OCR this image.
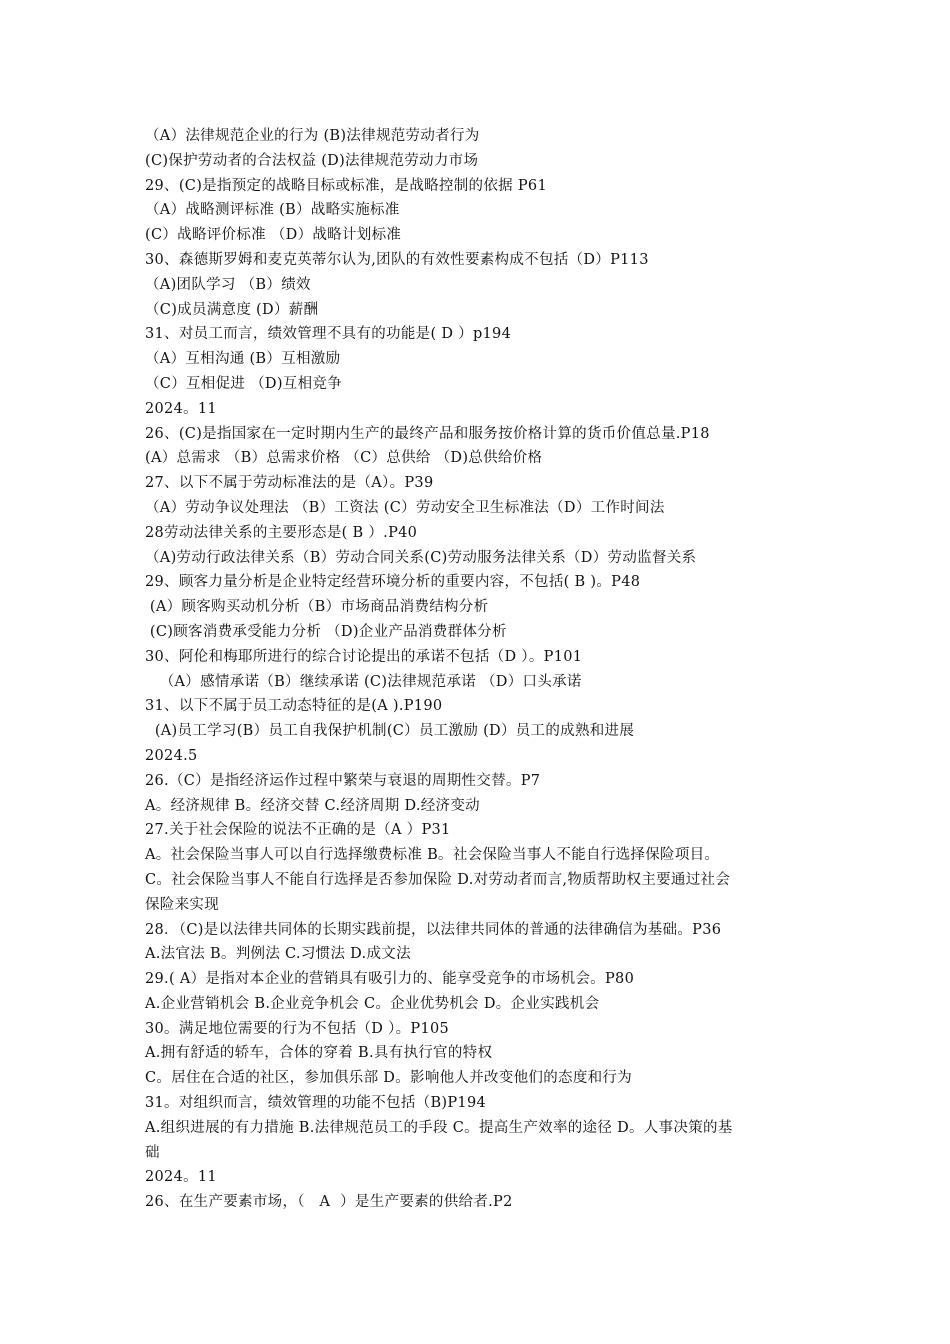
（A）法律规范企业的行为 (B)法律规范劳动者行为
(C)保护劳动者的合法权益 (D)法律规范劳动力市场
29、(C)是指预定的战略目标或标准，是战略控制的依据 P61
（A）战略测评标准 (B）战略实施标准
(C）战略评价标准 （D）战略计划标准
30、森德斯罗姆和麦克英蒂尔认为,团队的有效性要素构成不包括（D）P113
（A)团队学习 （B）绩效
（C)成员满意度 (D）薪酬
31、对员工而言，绩效管理不具有的功能是( D ）p194
（A）互相沟通 (B）互相激励
（C）互相促进 （D)互相竞争
2024。11
26、(C)是指国家在一定时期内生产的最终产品和服务按价格计算的货币价值总量.P18
(A）总需求 （B）总需求价格 （C）总供给 （D)总供给价格
27、以下不属于劳动标准法的是（A）。P39
（A）劳动争议处理法 （B）工资法 (C）劳动安全卫生标准法（D）工作时间法
28劳动法律关系的主要形态是( B ）.P40
（A)劳动行政法律关系（B）劳动合同关系(C)劳动服务法律关系（D）劳动监督关系
29、顾客力量分析是企业特定经营环境分析的重要内容，不包括( B )。P48
(A）顾客购买动机分析（B）市场商品消费结构分析
(C)顾客消费承受能力分析 （D)企业产品消费群体分析
30、阿伦和梅耶所进行的综合讨论提出的承诺不包括（D ）。P101
（A）感情承诺（B）继续承诺 (C)法律规范承诺 （D）口头承诺
31、以下不属于员工动态特征的是(A ).P190
(A)员工学习(B）员工自我保护机制(C）员工激励 (D）员工的成熟和进展
2024.5
26.（C）是指经济运作过程中繁荣与衰退的周期性交替。P7
A。经济规律 B。经济交替 C.经济周期 D.经济变动
27.关于社会保险的说法不正确的是（A ）P31
A。社会保险当事人可以自行选择缴费标准 B。社会保险当事人不能自行选择保险项目。
C。社会保险当事人不能自行选择是否参加保险 D.对劳动者而言,物质帮助权主要通过社会
保险来实现
28．（C)是以法律共同体的长期实践前提，以法律共同体的普通的法律确信为基础。P36
A.法官法 B。判例法 C.习惯法 D.成文法
29.( A）是指对本企业的营销具有吸引力的、能享受竞争的市场机会。P80
A.企业营销机会 B.企业竞争机会 C。企业优势机会 D。企业实践机会
30。满足地位需要的行为不包括（D ）。P105
A.拥有舒适的轿车，合体的穿着 B.具有执行官的特权
C。居住在合适的社区，参加俱乐部 D。影响他人并改变他们的态度和行为
31。对组织而言，绩效管理的功能不包括（B)P194
A.组织进展的有力措施 B.法律规范员工的手段 C。提高生产效率的途径 D。人事决策的基
础
2024。11
26、在生产要素市场，（   A  ）是生产要素的供给者.P2
